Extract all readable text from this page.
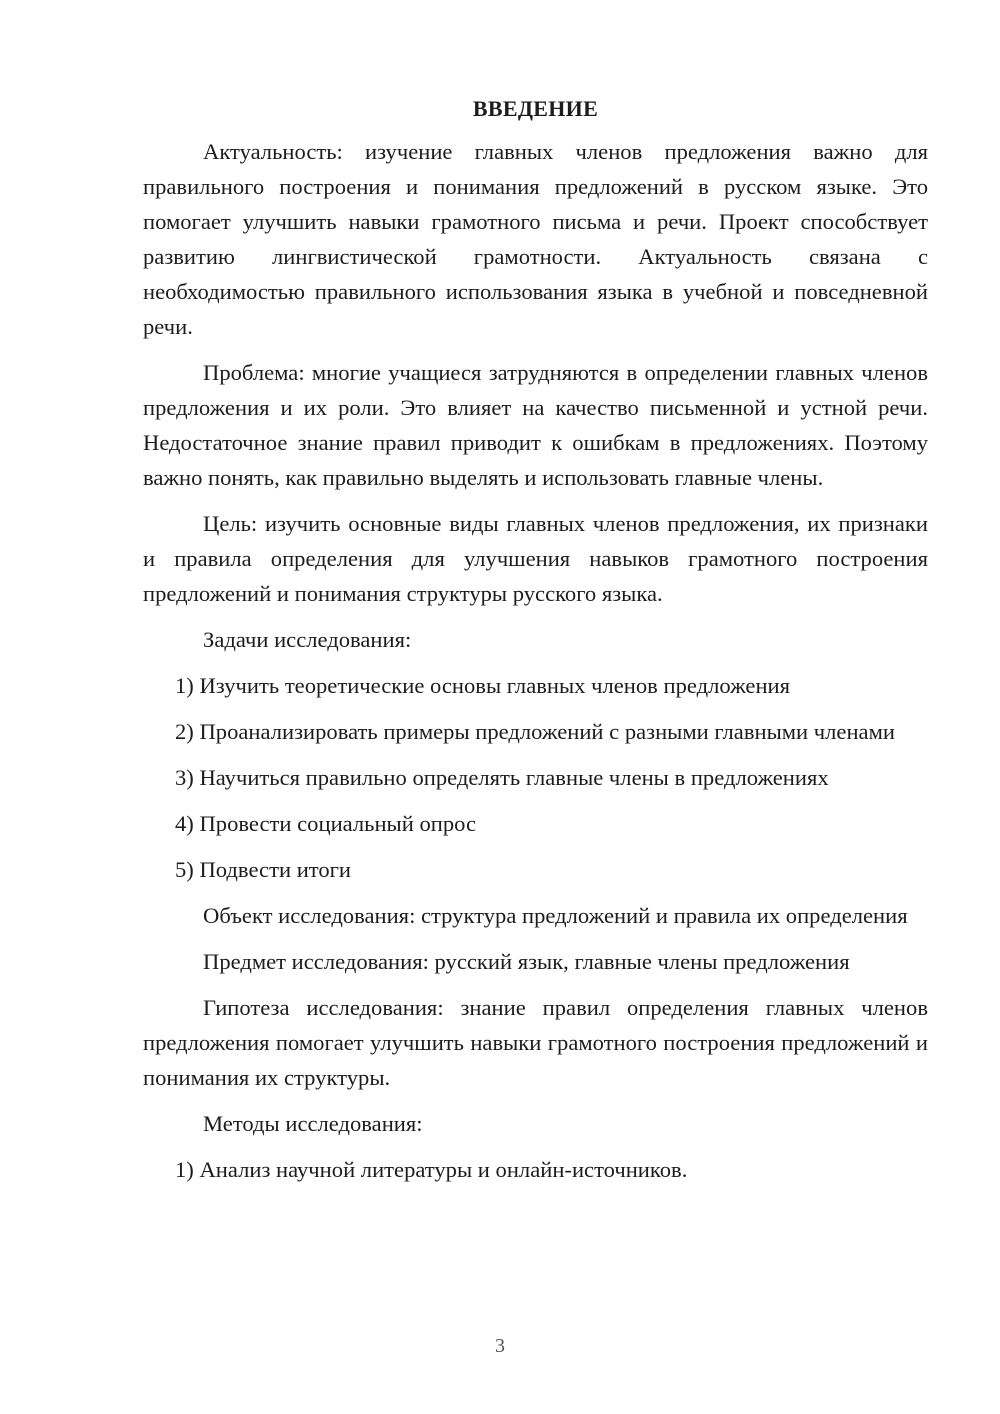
ВВЕДЕНИЕ

Актуальность: изучение главных членов предложения важно для правильного построения и понимания предложений в русском языке. Это помогает улучшить навыки грамотного письма и речи. Проект способствует развитию лингвистической грамотности. Актуальность связана с необходимостью правильного использования языка в учебной и повседневной речи.

Проблема: многие учащиеся затрудняются в определении главных членов предложения и их роли. Это влияет на качество письменной и устной речи. Недостаточное знание правил приводит к ошибкам в предложениях. Поэтому важно понять, как правильно выделять и использовать главные члены.

Цель: изучить основные виды главных членов предложения, их признаки и правила определения для улучшения навыков грамотного построения предложений и понимания структуры русского языка.

Задачи исследования:

1) Изучить теоретические основы главных членов предложения

2) Проанализировать примеры предложений с разными главными членами

3) Научиться правильно определять главные члены в предложениях

4) Провести социальный опрос

5) Подвести итоги

Объект исследования: структура предложений и правила их определения

Предмет исследования: русский язык, главные члены предложения

Гипотеза исследования: знание правил определения главных членов предложения помогает улучшить навыки грамотного построения предложений и понимания их структуры.

Методы исследования:

1) Анализ научной литературы и онлайн-источников.

3
